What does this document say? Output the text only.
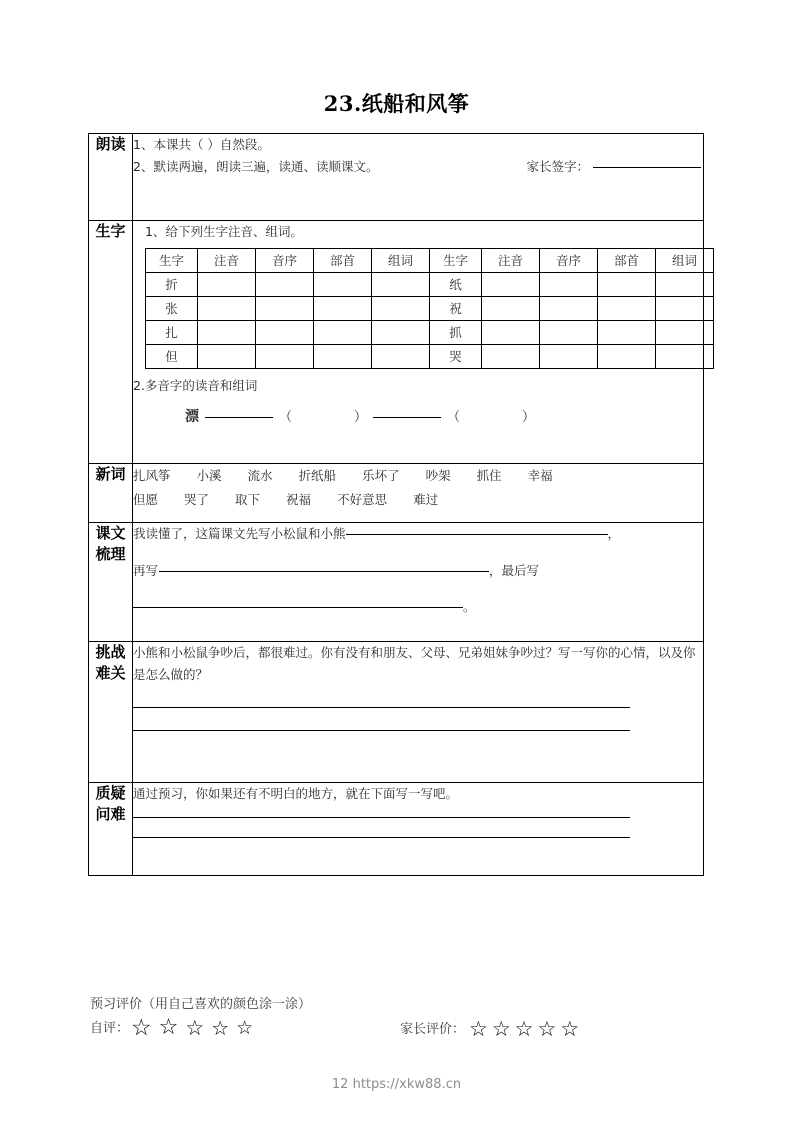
23.纸船和风筝
朗读	1、本课共（ ）自然段。
2、默读两遍，朗读三遍，读通、读顺课文。	家长签字：

生字	1、给下列生字注音、组词。
生字	注音	音序	部首	组词	生字	注音	音序	部首	组词
折					纸				
张					祝				
扎					抓				
但					哭				
2.多音字的读音和组词
漂	（	）	（	）

新词	扎风筝 小溪 流水 折纸船 乐坏了 吵架 抓住 幸福
但愿 哭了 取下 祝福 不好意思 难过

课文梳理

我读懂了，这篇课文先写小松鼠和小熊	，
再写	，最后写
。

挑战难关

小熊和小松鼠争吵后，都很难过。你有没有和朋友、父母、兄弟姐妹争吵过？写一写你的心情，以及你是怎么做的？

质疑问难

通过预习，你如果还有不明白的地方，就在下面写一写吧。
预习评价（用自己喜欢的颜色涂一涂）
自评： ☆ ☆ ☆ ☆ ☆	家长评价： ☆ ☆ ☆ ☆ ☆
12 https://xkw88.cn
